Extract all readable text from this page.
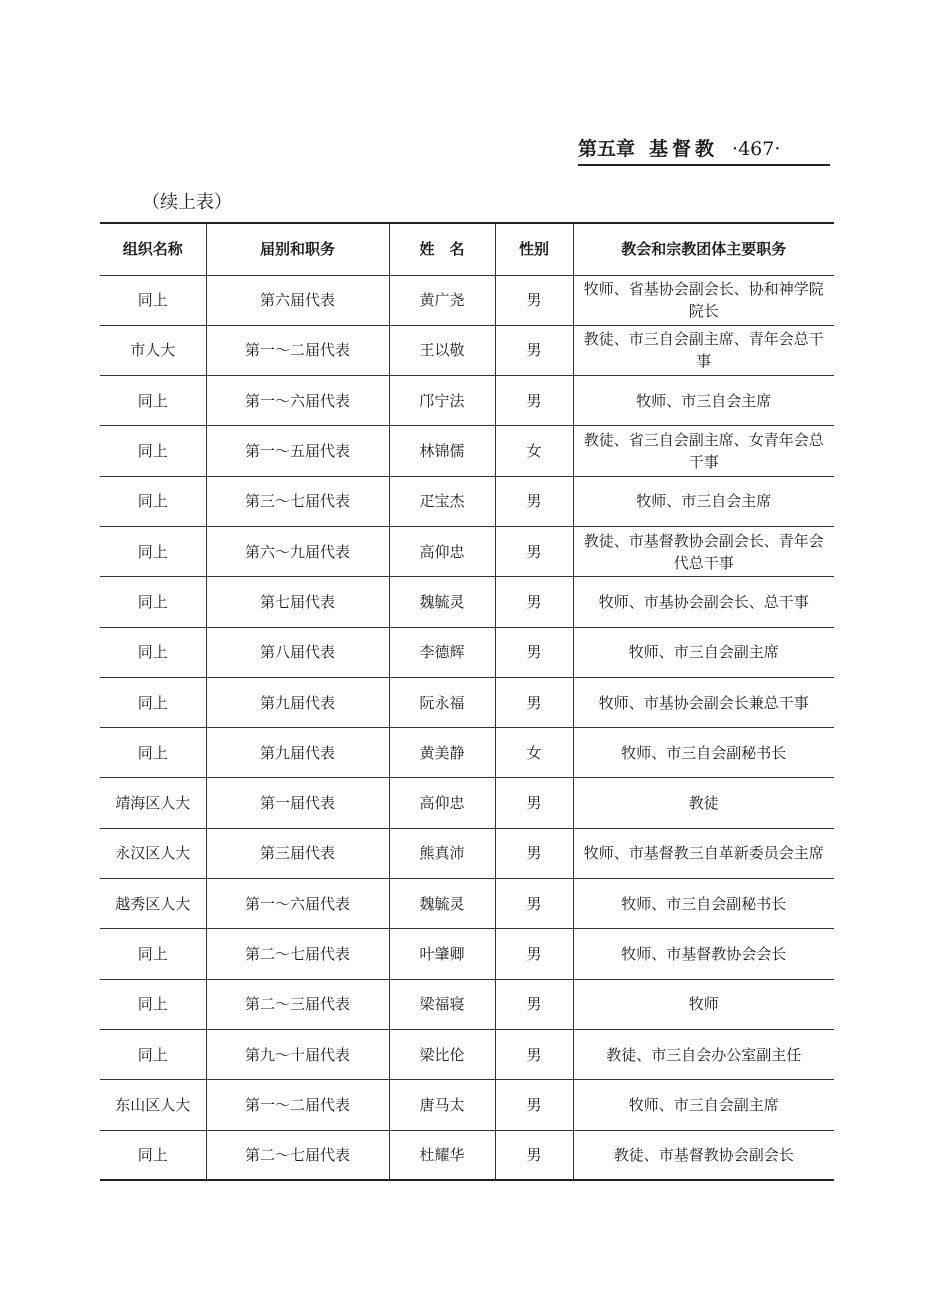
第五章 基督教 ·467·
（续上表）
组织名称	届别和职务	姓　名	性别	教会和宗教团体主要职务
同上	第六届代表	黄广尧	男	牧师、省基协会副会长、协和神学院院长
市人大	第一～二届代表	王以敬	男	教徒、市三自会副主席、青年会总干事
同上	第一～六届代表	邝宁法	男	牧师、市三自会主席
同上	第一～五届代表	林锦儒	女	教徒、省三自会副主席、女青年会总干事
同上	第三～七届代表	疋宝杰	男	牧师、市三自会主席
同上	第六～九届代表	高仰忠	男	教徒、市基督教协会副会长、青年会代总干事
同上	第七届代表	魏毓灵	男	牧师、市基协会副会长、总干事
同上	第八届代表	李德辉	男	牧师、市三自会副主席
同上	第九届代表	阮永福	男	牧师、市基协会副会长兼总干事
同上	第九届代表	黄美静	女	牧师、市三自会副秘书长
靖海区人大	第一届代表	高仰忠	男	教徒
永汉区人大	第三届代表	熊真沛	男	牧师、市基督教三自革新委员会主席
越秀区人大	第一～六届代表	魏毓灵	男	牧师、市三自会副秘书长
同上	第二～七届代表	叶肇卿	男	牧师、市基督教协会会长
同上	第二～三届代表	梁福寝	男	牧师
同上	第九～十届代表	梁比伦	男	教徒、市三自会办公室副主任
东山区人大	第一～二届代表	唐马太	男	牧师、市三自会副主席
同上	第二～七届代表	杜耀华	男	教徒、市基督教协会副会长
